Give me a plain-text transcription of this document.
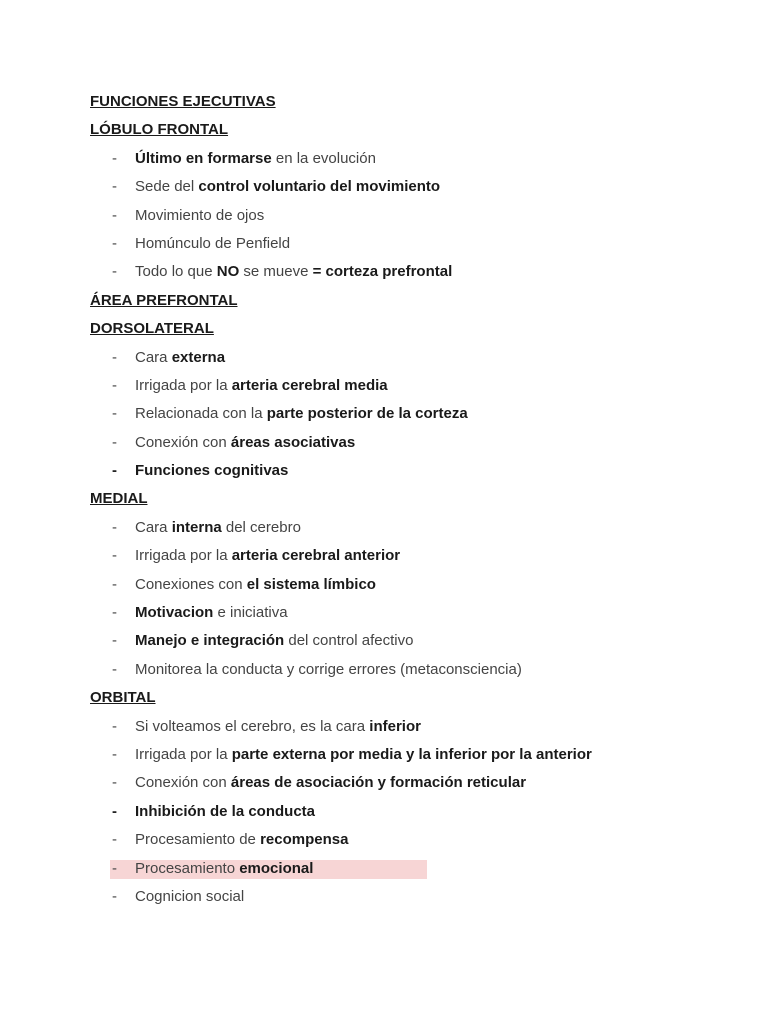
FUNCIONES EJECUTIVAS
LÓBULO FRONTAL
- Último en formarse en la evolución
- Sede del control voluntario del movimiento
- Movimiento de ojos
- Homúnculo de Penfield
- Todo lo que NO se mueve = corteza prefrontal
ÁREA PREFRONTAL
DORSOLATERAL
- Cara externa
- Irrigada por la arteria cerebral media
- Relacionada con la parte posterior de la corteza
- Conexión con áreas asociativas
- Funciones cognitivas
MEDIAL
- Cara interna del cerebro
- Irrigada por la arteria cerebral anterior
- Conexiones con el sistema límbico
- Motivacion e iniciativa
- Manejo e integración del control afectivo
- Monitorea la conducta y corrige errores (metaconsciencia)
ORBITAL
- Si volteamos el cerebro, es la cara inferior
- Irrigada por la parte externa por media y la inferior por la anterior
- Conexión con áreas de asociación y formación reticular
- Inhibición de la conducta
- Procesamiento de recompensa
- Procesamiento emocional
- Cognicion social
